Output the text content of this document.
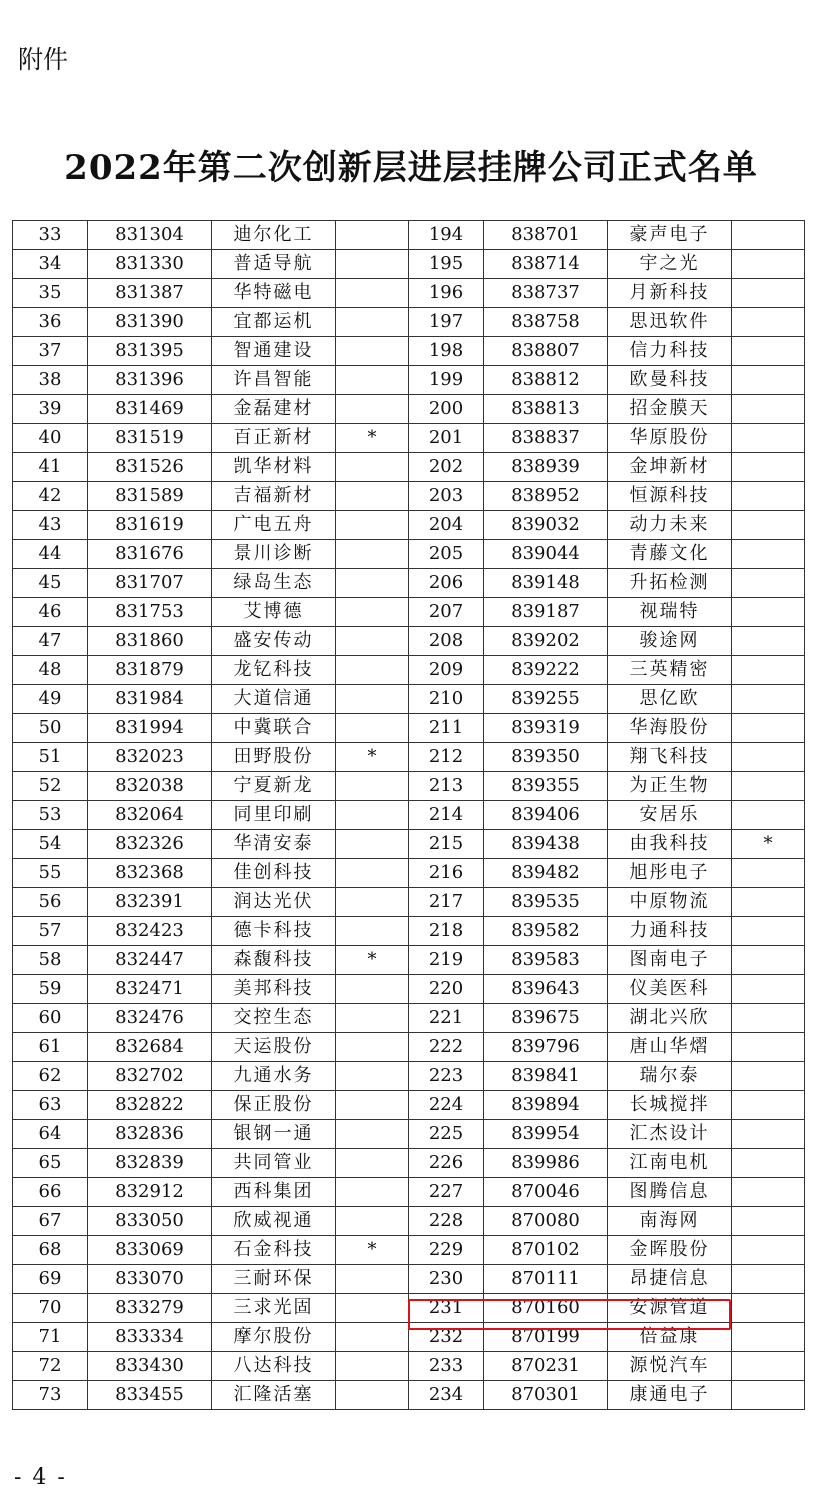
附件
2022年第二次创新层进层挂牌公司正式名单
33	831304	迪尔化工		194	838701	豪声电子	
34	831330	普适导航		195	838714	宇之光	
35	831387	华特磁电		196	838737	月新科技	
36	831390	宜都运机		197	838758	思迅软件	
37	831395	智通建设		198	838807	信力科技	
38	831396	许昌智能		199	838812	欧曼科技	
39	831469	金磊建材		200	838813	招金膜天	
40	831519	百正新材	*	201	838837	华原股份	
41	831526	凯华材料		202	838939	金坤新材	
42	831589	吉福新材		203	838952	恒源科技	
43	831619	广电五舟		204	839032	动力未来	
44	831676	景川诊断		205	839044	青藤文化	
45	831707	绿岛生态		206	839148	升拓检测	
46	831753	艾博德		207	839187	视瑞特	
47	831860	盛安传动		208	839202	骏途网	
48	831879	龙钇科技		209	839222	三英精密	
49	831984	大道信通		210	839255	思亿欧	
50	831994	中冀联合		211	839319	华海股份	
51	832023	田野股份	*	212	839350	翔飞科技	
52	832038	宁夏新龙		213	839355	为正生物	
53	832064	同里印刷		214	839406	安居乐	
54	832326	华清安泰		215	839438	由我科技	*
55	832368	佳创科技		216	839482	旭彤电子	
56	832391	润达光伏		217	839535	中原物流	
57	832423	德卡科技		218	839582	力通科技	
58	832447	森馥科技	*	219	839583	图南电子	
59	832471	美邦科技		220	839643	仪美医科	
60	832476	交控生态		221	839675	湖北兴欣	
61	832684	天运股份		222	839796	唐山华熠	
62	832702	九通水务		223	839841	瑞尔泰	
63	832822	保正股份		224	839894	长城搅拌	
64	832836	银钢一通		225	839954	汇杰设计	
65	832839	共同管业		226	839986	江南电机	
66	832912	西科集团		227	870046	图腾信息	
67	833050	欣威视通		228	870080	南海网	
68	833069	石金科技	*	229	870102	金晖股份	
69	833070	三耐环保		230	870111	昂捷信息	
70	833279	三求光固		231	870160	安源管道	
71	833334	摩尔股份		232	870199	倍益康	
72	833430	八达科技		233	870231	源悦汽车	
73	833455	汇隆活塞		234	870301	康通电子	
- 4 -
